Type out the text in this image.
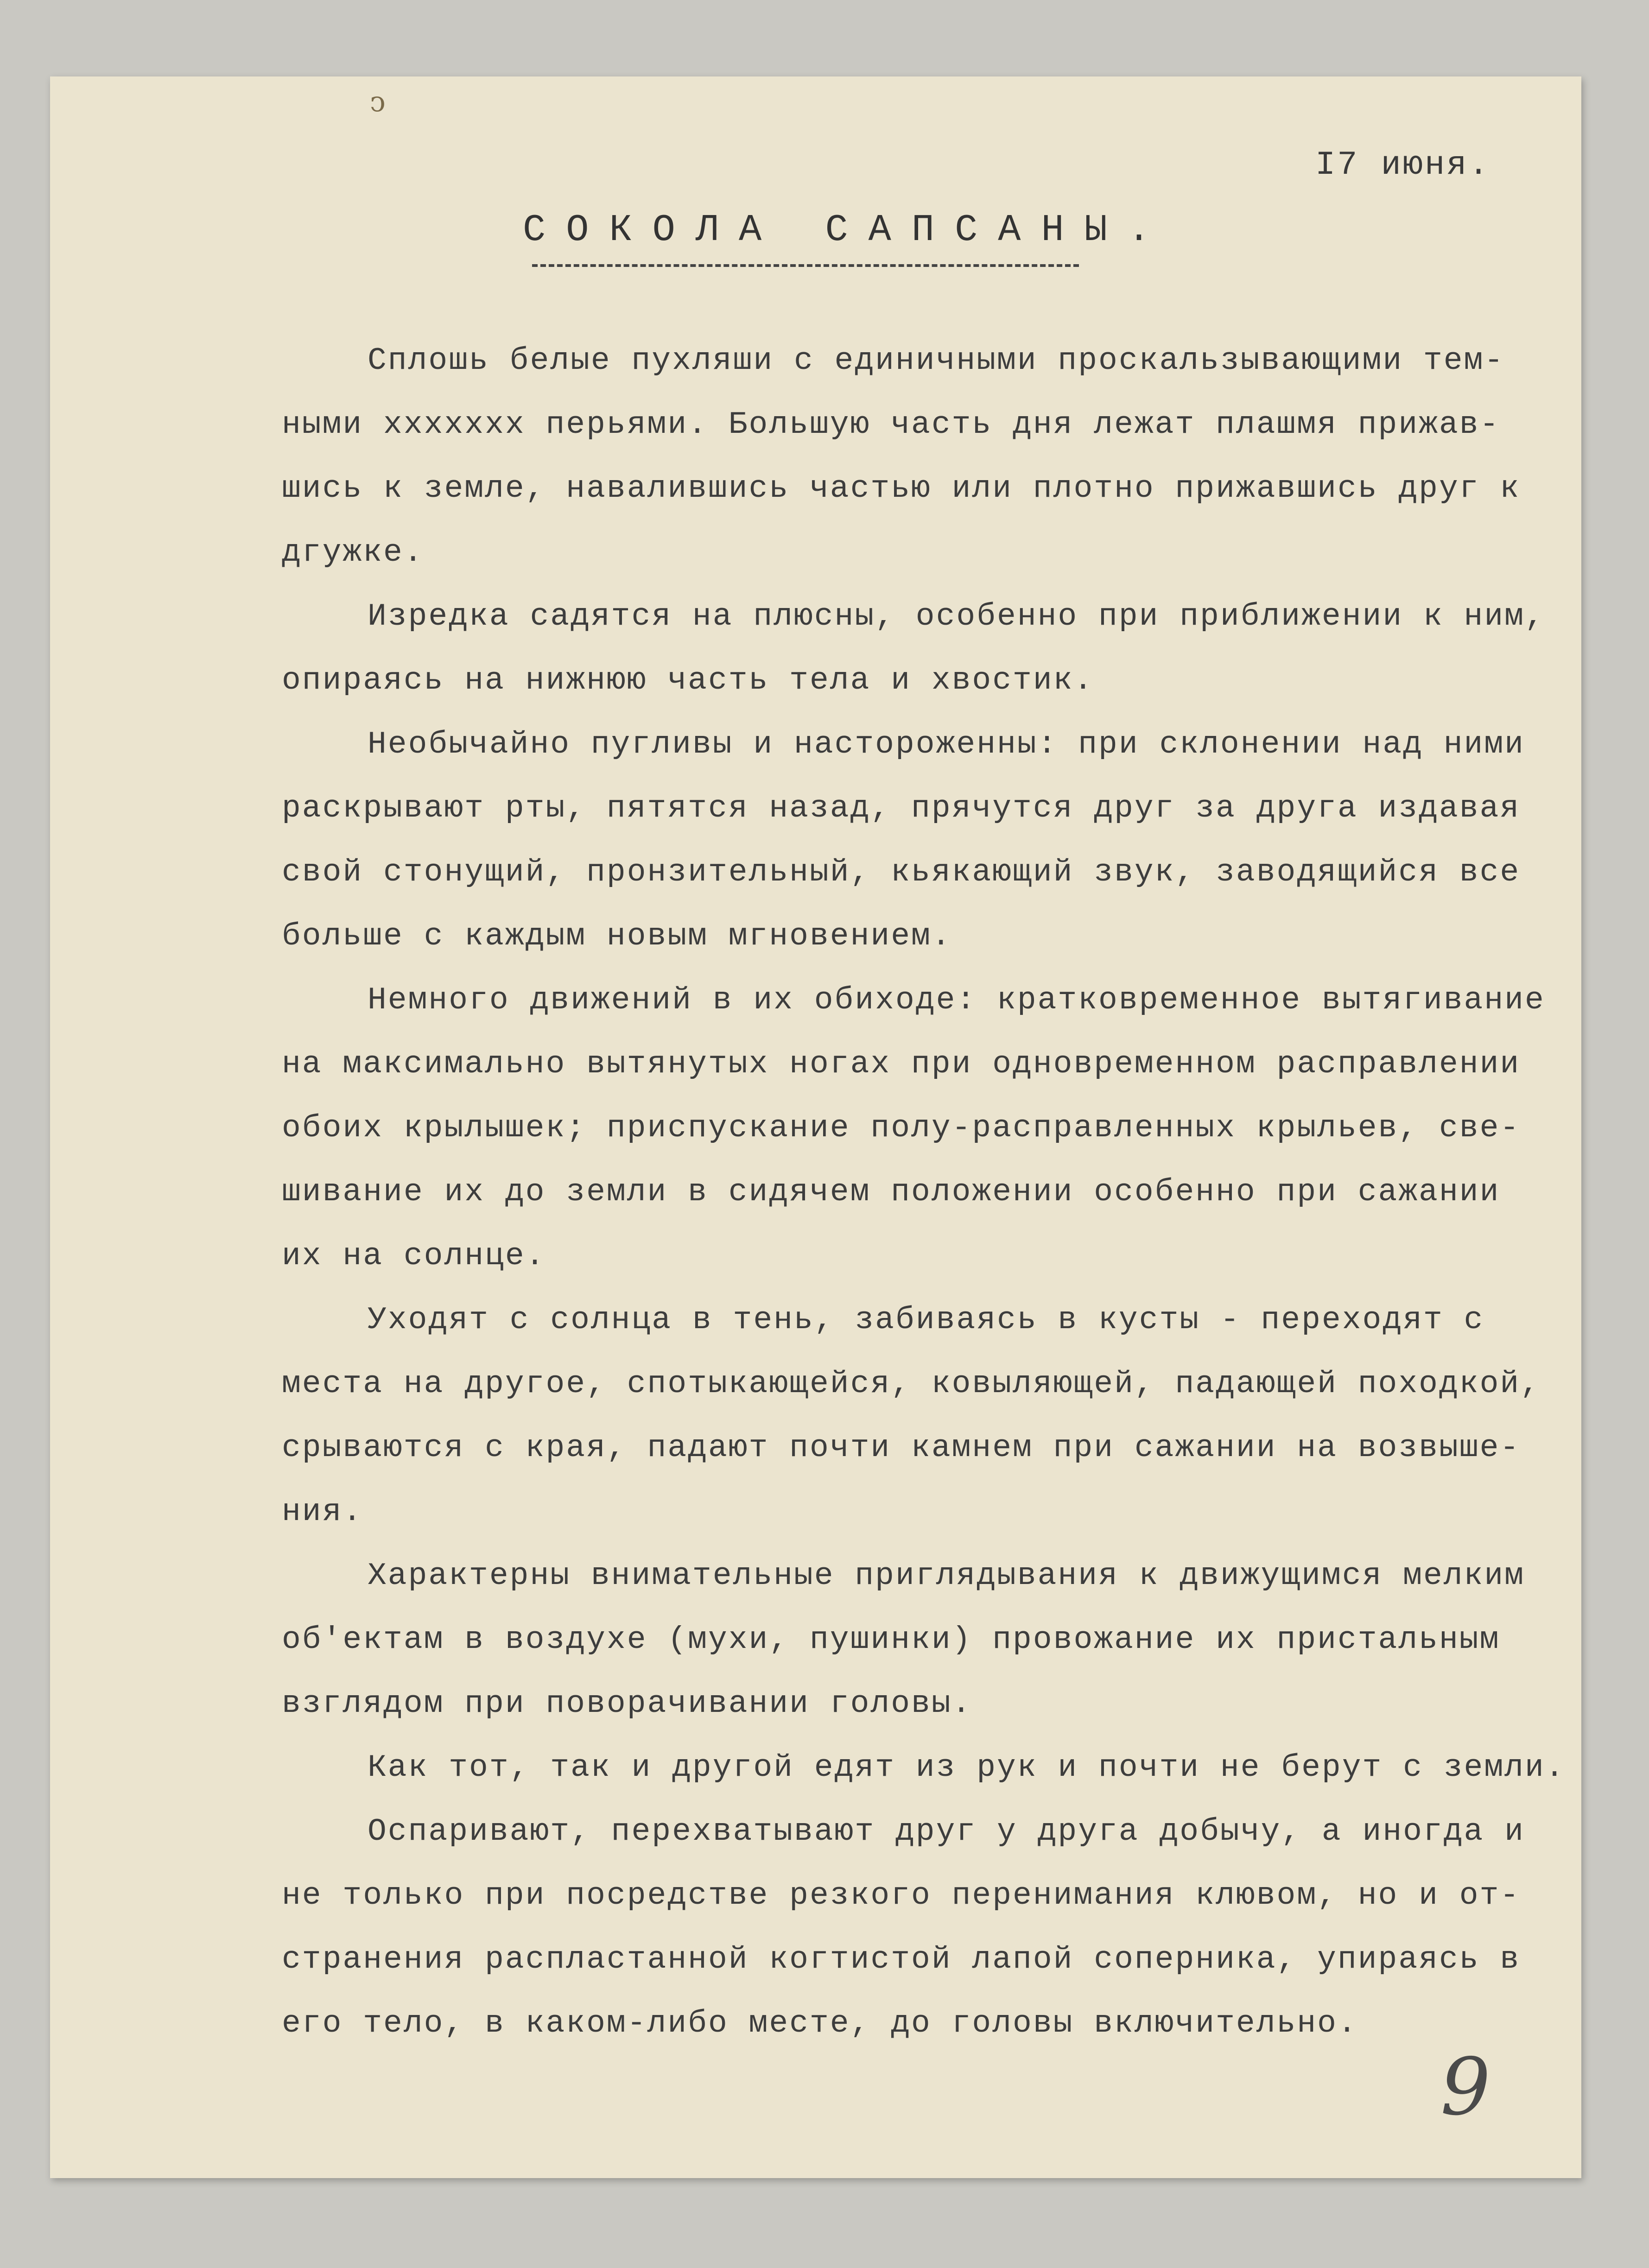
ↄ
I7 июня.
СОКОЛА САПСАНЫ.
Сплошь белые пухляши с единичными проскальзывающими тем-
ными ххххххх перьями. Большую часть дня лежат плашмя прижав-
шись к земле, навалившись частью или плотно прижавшись друг к
дгужке.
Изредка садятся на плюсны, особенно при приближении к ним,
опираясь на нижнюю часть тела и хвостик.
Необычайно пугливы и настороженны: при склонении над ними
раскрывают рты, пятятся назад, прячутся друг за друга издавая
свой стонущий, пронзительный, кьякающий звук, заводящийся все
больше с каждым новым мгновением.
Немного движений в их обиходе: кратковременное вытягивание
на максимально вытянутых ногах при одновременном расправлении
обоих крылышек; приспускание полу-расправленных крыльев, све-
шивание их до земли в сидячем положении особенно при сажании
их на солнце.
Уходят с солнца в тень, забиваясь в кусты - переходят с
места на другое, спотыкающейся, ковыляющей, падающей походкой,
срываются с края, падают почти камнем при сажании на возвыше-
ния.
Характерны внимательные приглядывания к движущимся мелким
об'ектам в воздухе (мухи, пушинки) провожание их пристальным
взглядом при поворачивании головы.
Как тот, так и другой едят из рук и почти не берут с земли.
Оспаривают, перехватывают друг у друга добычу, а иногда и
не только при посредстве резкого перенимания клювом, но и от-
странения распластанной когтистой лапой соперника, упираясь в
его тело, в каком-либо месте, до головы включительно.
9
